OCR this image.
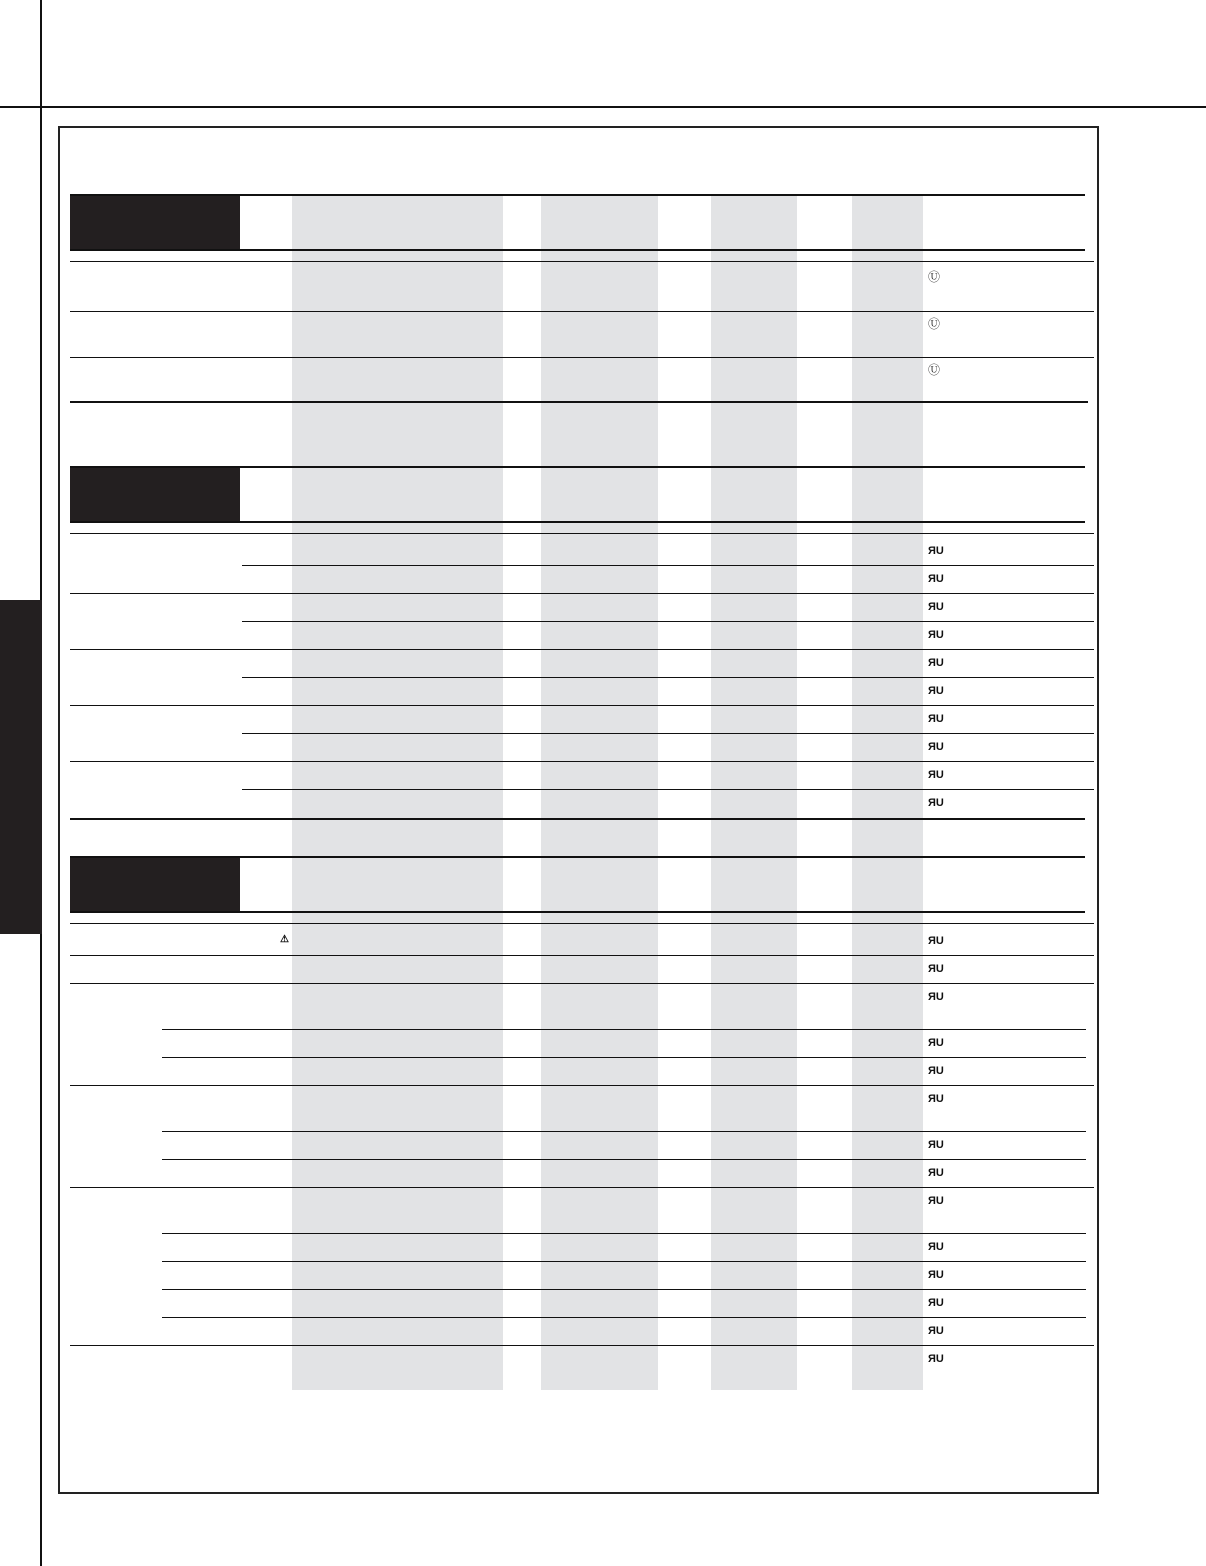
Ⓤ
Ⓤ
Ⓤ
ЯU
ЯU
ЯU
ЯU
ЯU
ЯU
ЯU
ЯU
ЯU
ЯU
⚠	ЯU
ЯU
ЯU
ЯU
ЯU
ЯU
ЯU
ЯU
ЯU
ЯU
ЯU
ЯU
ЯU
ЯU
